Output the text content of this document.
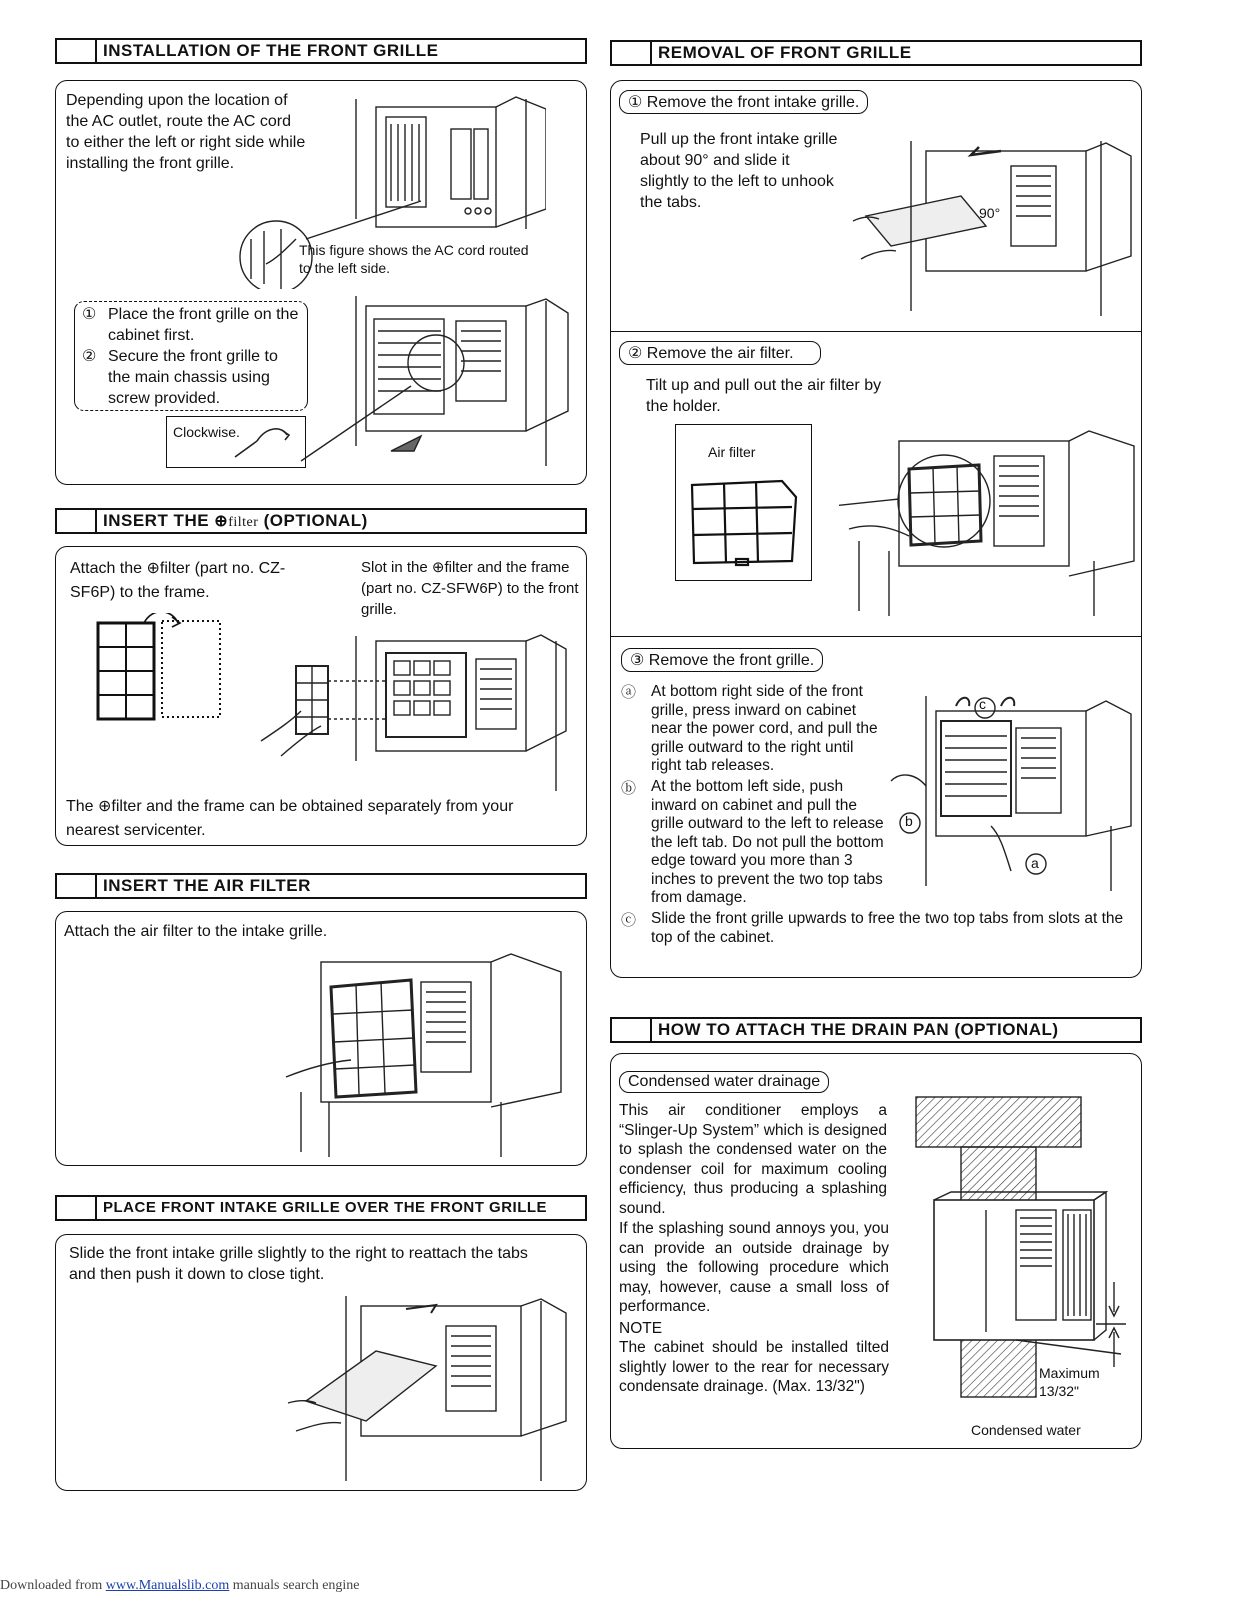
INSTALLATION OF THE FRONT GRILLE
Depending upon the location of the AC outlet, route the AC cord to either the left or right side while installing the front grille.
This figure shows the AC cord routed to the left side.
① Place the front grille on the cabinet first.
② Secure the front grille to the main chassis using screw provided.
Clockwise.
INSERT THE ⊕filter (OPTIONAL)
Attach the ⊕filter (part no. CZ-SF6P) to the frame.
Slot in the ⊕filter and the frame (part no. CZ-SFW6P) to the front grille.
The ⊕filter and the frame can be obtained separately from your nearest servicenter.
INSERT THE AIR FILTER
Attach the air filter to the intake grille.
PLACE FRONT INTAKE GRILLE OVER THE FRONT GRILLE
Slide the front intake grille slightly to the right to reattach the tabs and then push it down to close tight.
REMOVAL OF FRONT GRILLE
① Remove the front intake grille.
Pull up the front intake grille about 90° and slide it slightly to the left to unhook the tabs.
90°
② Remove the air filter.
Tilt up and pull out the air filter by the holder.
Air filter
③ Remove the front grille.
ⓐ At bottom right side of the front grille, press inward on cabinet near the power cord, and pull the grille outward to the right until right tab releases.
ⓑ At the bottom left side, push inward on cabinet and pull the grille outward to the left to release the left tab. Do not pull the bottom edge toward you more than 3 inches to prevent the two top tabs from damage.
ⓒ Slide the front grille upwards to free the two top tabs from slots at the top of the cabinet.
c
b
a
HOW TO ATTACH THE DRAIN PAN (OPTIONAL)
Condensed water drainage
This air conditioner employs a “Slinger-Up System” which is designed to splash the condensed water on the condenser coil for maximum cooling efficiency, thus producing a splashing sound.
If the splashing sound annoys you, you can provide an outside drainage by using the following procedure which may, however, cause a small loss of performance.
NOTE
The cabinet should be installed tilted slightly lower to the rear for necessary condensate drainage. (Max. 13/32")
Maximum 13/32"
Condensed water
Downloaded from www.Manualslib.com manuals search engine
